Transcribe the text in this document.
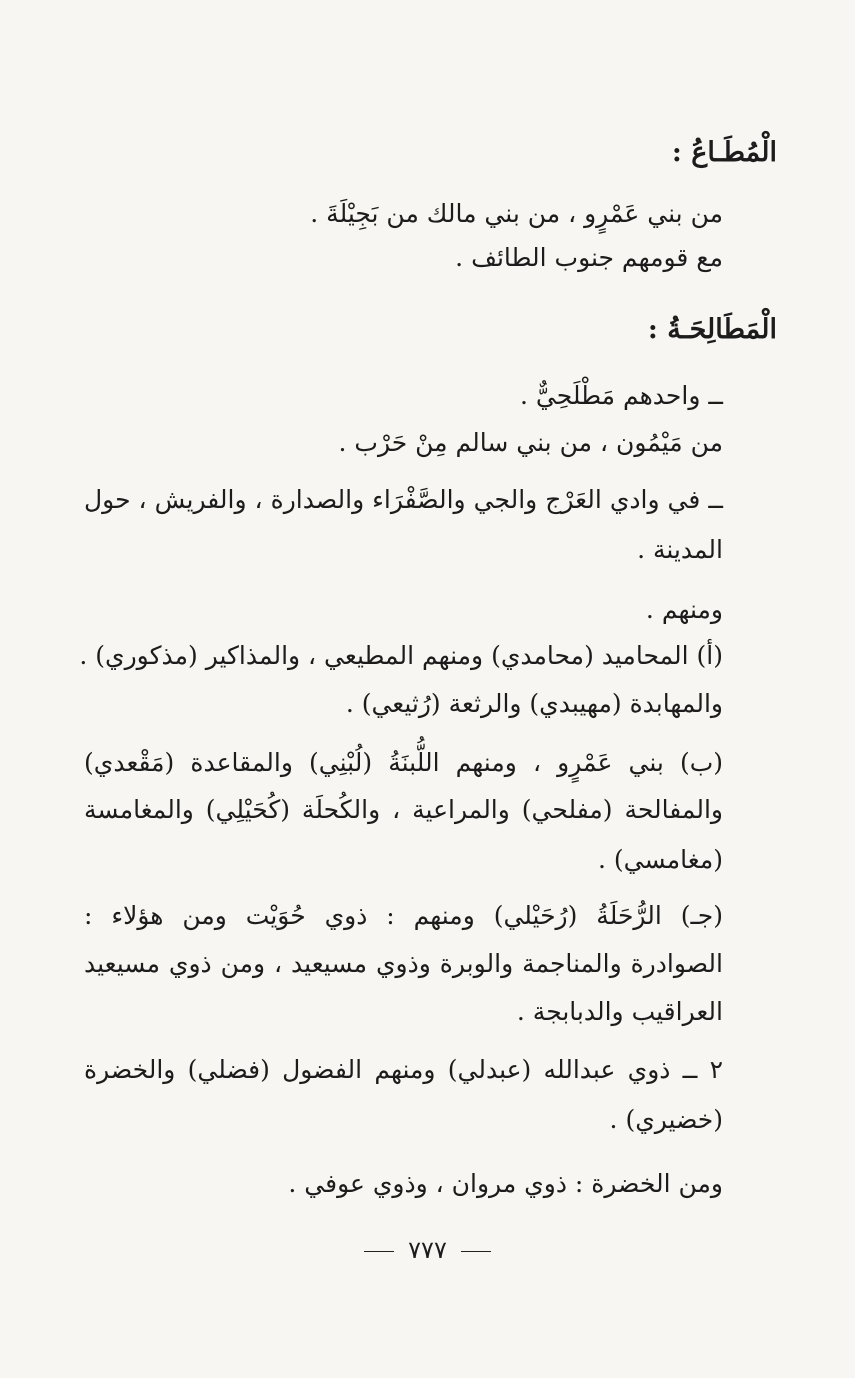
الْمُطَـاعُ :
من بني عَمْرٍو ، من بني مالك من بَجِيْلَةَ .
مع قومهم جنوب الطائف .
الْمَطَالِحَـةُ :
ــ واحدهم مَطْلَحِيٌّ .
من مَيْمُون ، من بني سالم مِنْ حَرْب .
ــ في وادي العَرْج والجي والصَّفْرَاء والصدارة ، والفريش ، حول
المدينة .
ومنهم .
(أ) المحاميد (محامدي) ومنهم المطيعي ، والمذاكير (مذكوري) .
والمهابدة (مهيبدي) والرثعة (رُثيعي) .
(ب) بني عَمْرٍو ، ومنهم اللُّبنَةُ (لُبْنِي) والمقاعدة (مَقْعدي)
والمفالحة (مفلحي) والمراعية ، والكُحلَة (كُحَيْلِي) والمغامسة
(مغامسي) .
(جـ) الرُّحَلَةُ (رُحَيْلي) ومنهم : ذوي حُوَيْت ومن هؤلاء :
الصوادرة والمناجمة والوبرة وذوي مسيعيد ، ومن ذوي مسيعيد
العراقيب والدبابجة .
٢ ــ ذوي عبدالله (عبدلي) ومنهم الفضول (فضلي) والخضرة
(خضيري) .
ومن الخضرة : ذوي مروان ، وذوي عوفي .
٧٧٧
